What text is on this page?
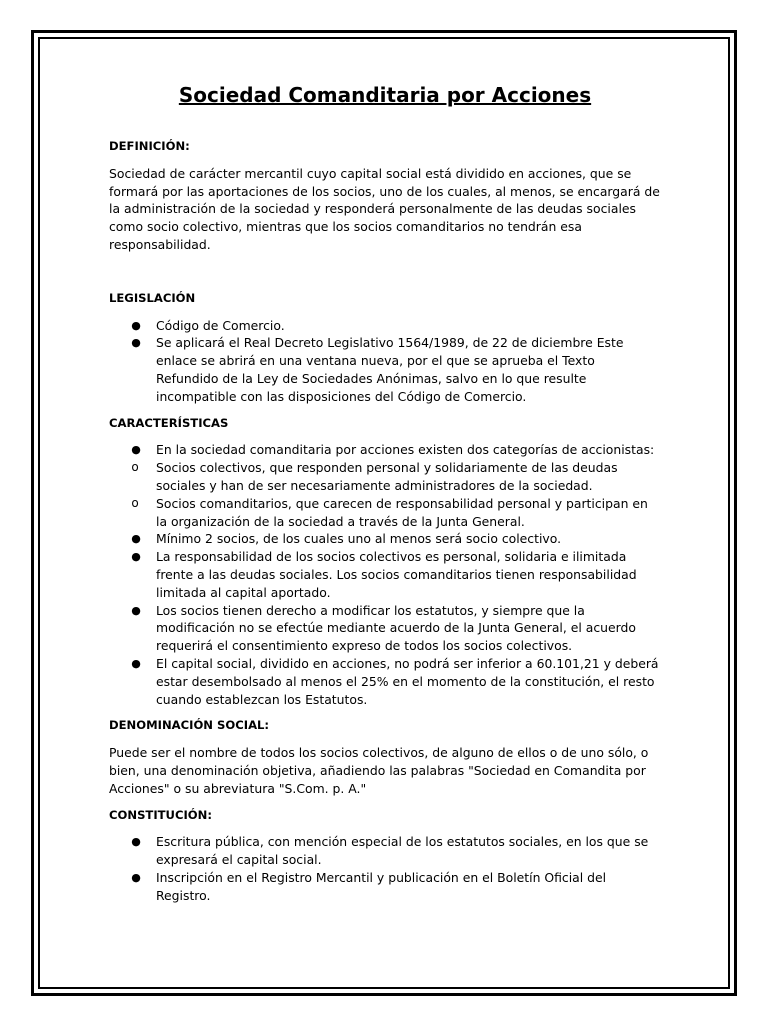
Sociedad Comanditaria por Acciones
DEFINICIÓN:

Sociedad de carácter mercantil cuyo capital social está dividido en acciones, que se formará por las aportaciones de los socios, uno de los cuales, al menos, se encargará de la administración de la sociedad y responderá personalmente de las deudas sociales como socio colectivo, mientras que los socios comanditarios no tendrán esa responsabilidad.

LEGISLACIÓN
● Código de Comercio.
● Se aplicará el Real Decreto Legislativo 1564/1989, de 22 de diciembre Este enlace se abrirá en una ventana nueva, por el que se aprueba el Texto Refundido de la Ley de Sociedades Anónimas, salvo en lo que resulte incompatible con las disposiciones del Código de Comercio.
CARACTERÍSTICAS
● En la sociedad comanditaria por acciones existen dos categorías de accionistas:
o Socios colectivos, que responden personal y solidariamente de las deudas sociales y han de ser necesariamente administradores de la sociedad.
o Socios comanditarios, que carecen de responsabilidad personal y participan en la organización de la sociedad a través de la Junta General.
● Mínimo 2 socios, de los cuales uno al menos será socio colectivo.
● La responsabilidad de los socios colectivos es personal, solidaria e ilimitada frente a las deudas sociales. Los socios comanditarios tienen responsabilidad limitada al capital aportado.
● Los socios tienen derecho a modificar los estatutos, y siempre que la modificación no se efectúe mediante acuerdo de la Junta General, el acuerdo requerirá el consentimiento expreso de todos los socios colectivos.
● El capital social, dividido en acciones, no podrá ser inferior a 60.101,21 y deberá estar desembolsado al menos el 25% en el momento de la constitución, el resto cuando establezcan los Estatutos.
DENOMINACIÓN SOCIAL:

Puede ser el nombre de todos los socios colectivos, de alguno de ellos o de uno sólo, o bien, una denominación objetiva, añadiendo las palabras "Sociedad en Comandita por Acciones" o su abreviatura "S.Com. p. A."

CONSTITUCIÓN:
● Escritura pública, con mención especial de los estatutos sociales, en los que se expresará el capital social.
● Inscripción en el Registro Mercantil y publicación en el Boletín Oficial del Registro.
